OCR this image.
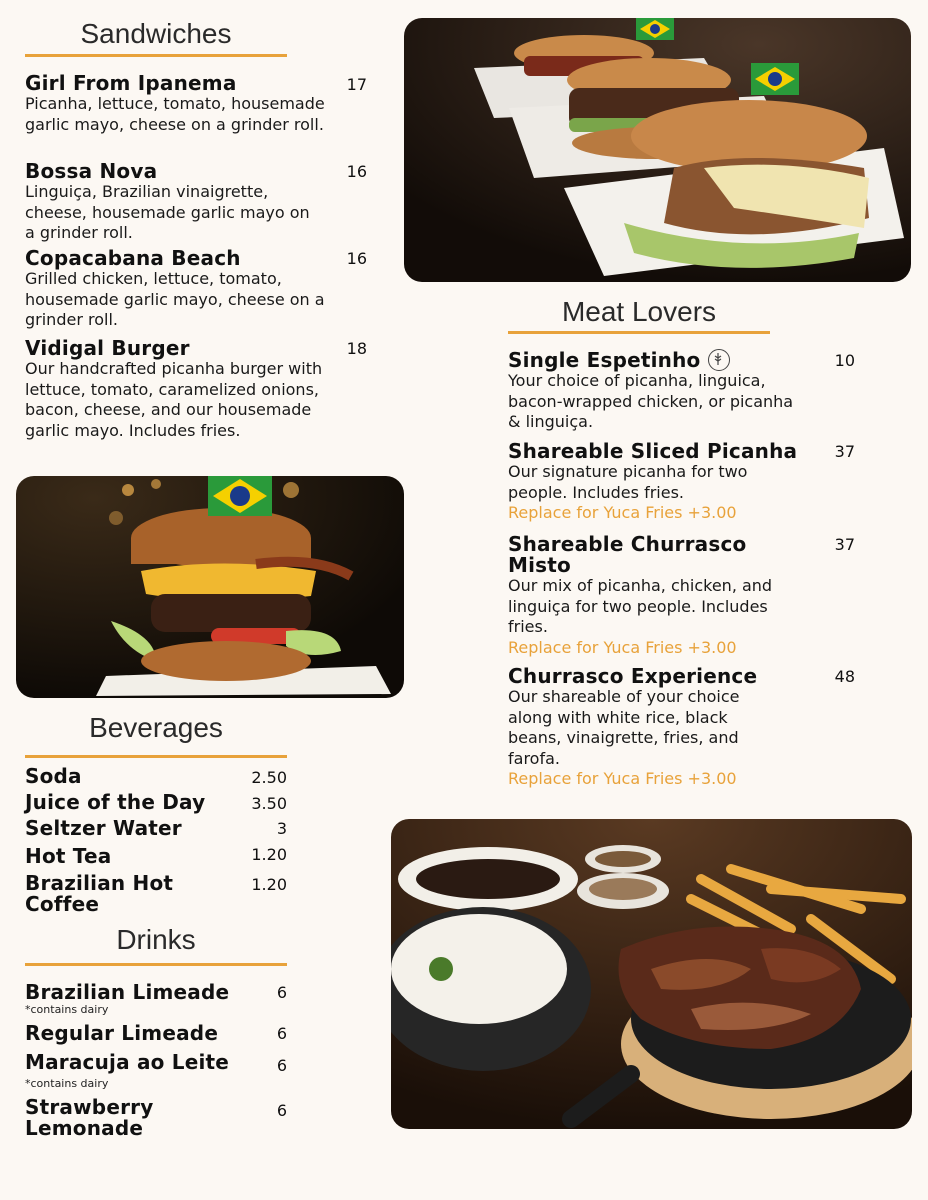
Sandwiches
Girl From Ipanema
Picanha, lettuce, tomato, housemade garlic mayo, cheese on a grinder roll.
17
Bossa Nova
Linguiça, Brazilian vinaigrette, cheese, housemade garlic mayo on a grinder roll.
16
Copacabana Beach
Grilled chicken, lettuce, tomato, housemade garlic mayo, cheese on a grinder roll.
16
Vidigal Burger
Our handcrafted picanha burger with lettuce, tomato, caramelized onions, bacon, cheese, and our housemade garlic mayo. Includes fries.
18
Beverages
Soda	2.50
Juice of the Day	3.50
Seltzer Water	3
Hot Tea	1.20
Brazilian Hot Coffee
1.20
Drinks
Brazilian Limeade
*contains dairy
6
Regular Limeade	6
Maracuja ao Leite
*contains dairy
6
Strawberry Lemonade
6
Meat Lovers
Single Espetinho
Your choice of picanha, linguica, bacon-wrapped chicken, or picanha & linguiça.
10
Shareable Sliced Picanha
Our signature picanha for two people. Includes fries.
Replace for Yuca Fries +3.00
37
Shareable Churrasco Misto
Our mix of picanha, chicken, and linguiça for two people. Includes fries.
Replace for Yuca Fries +3.00
37
Churrasco Experience
Our shareable of your choice along with white rice, black beans, vinaigrette, fries, and farofa.
Replace for Yuca Fries +3.00
48
